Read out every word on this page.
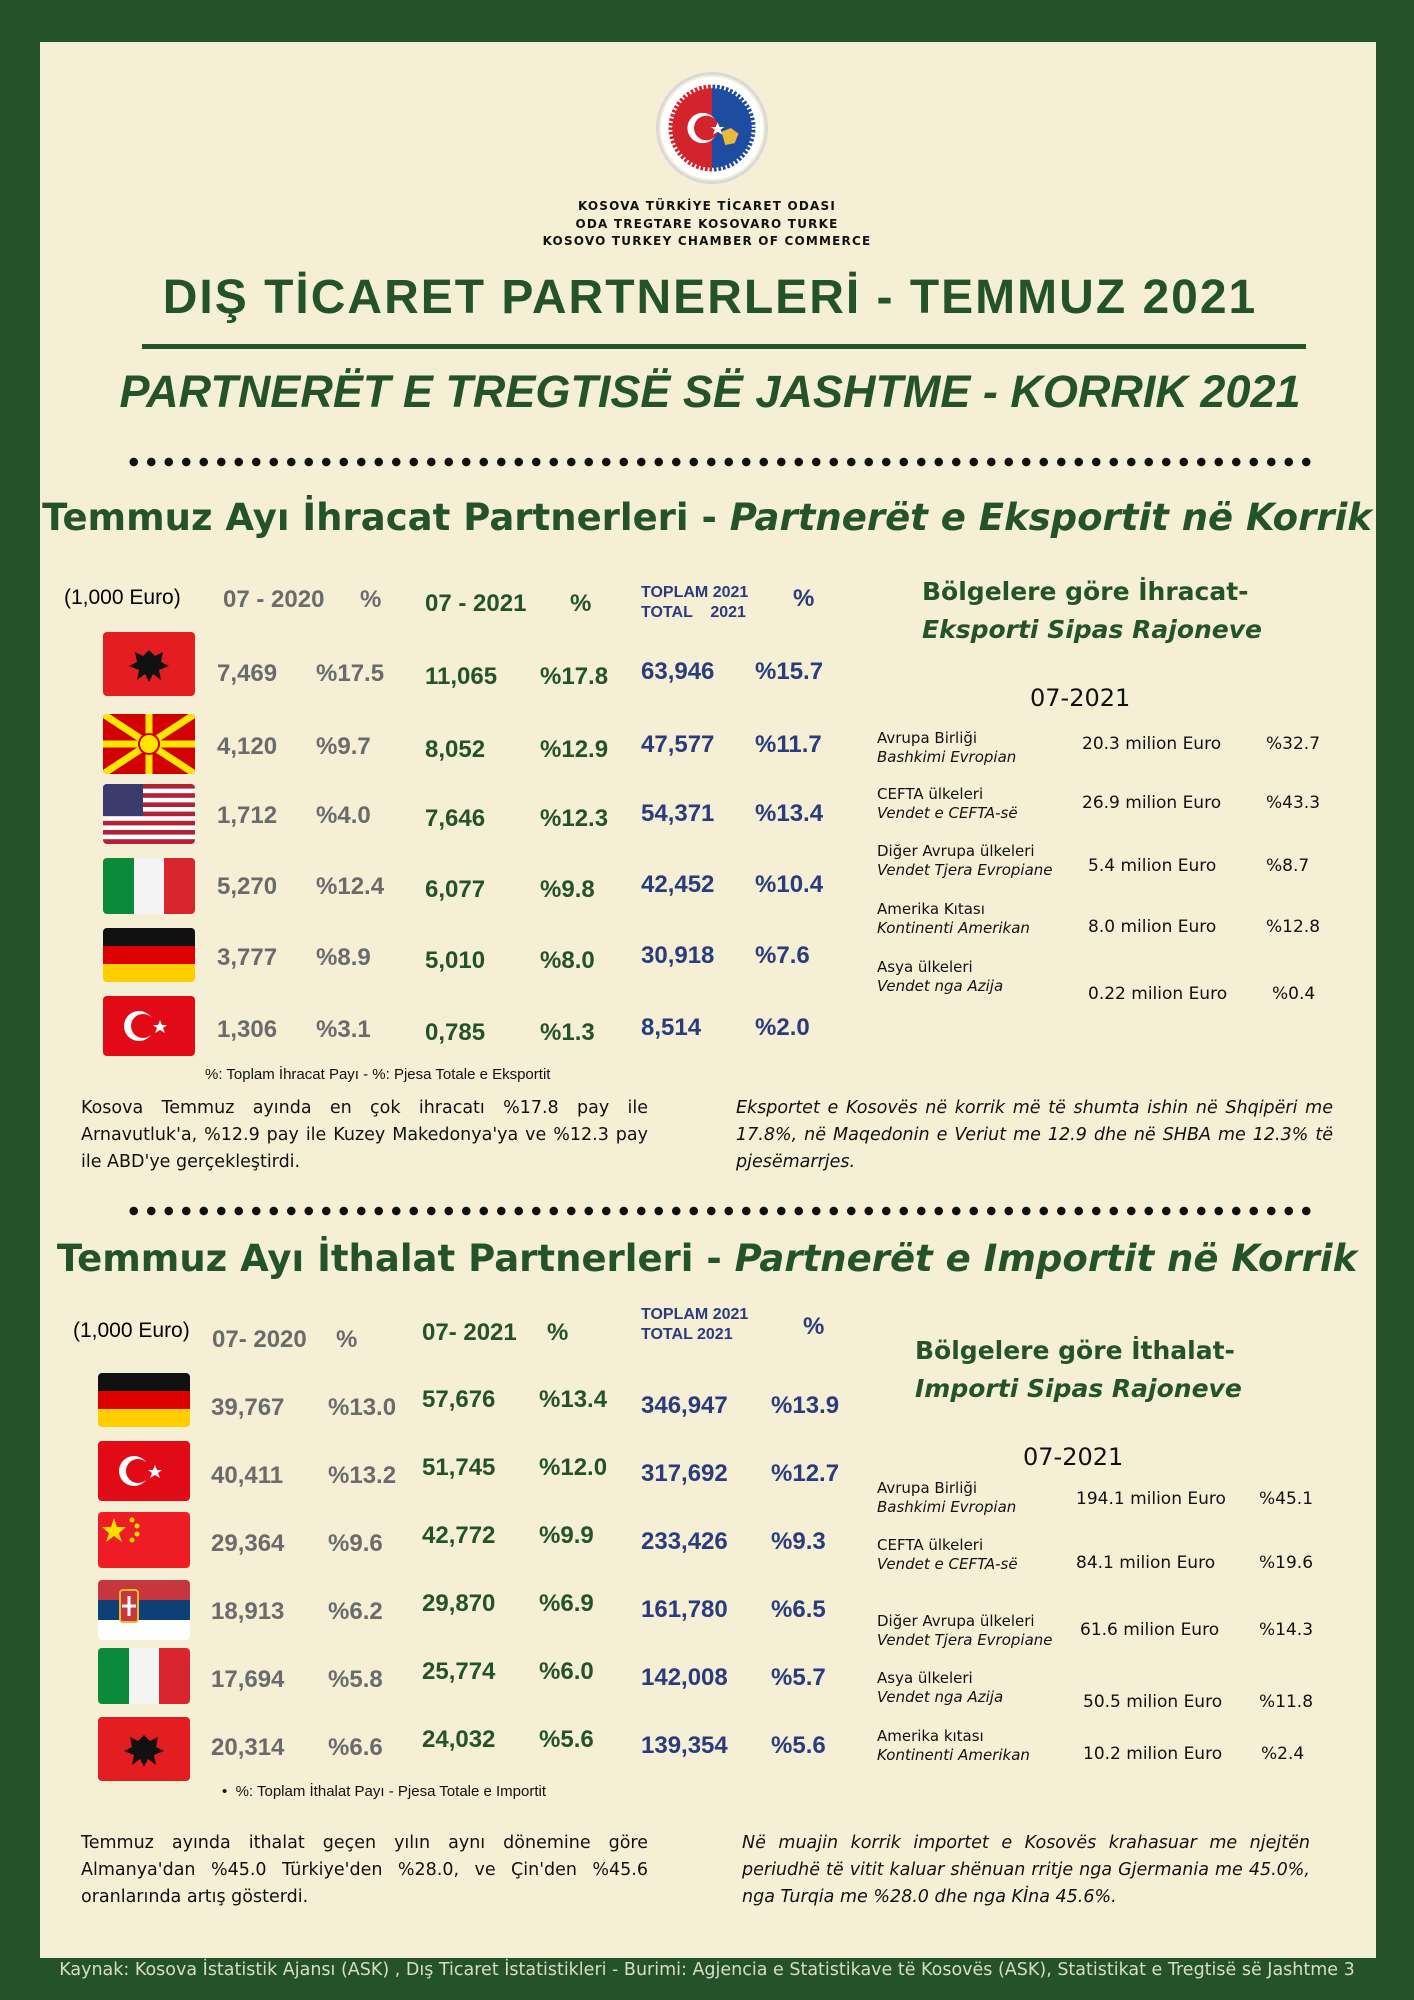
KOSOVA TÜRKİYE TİCARET ODASI
ODA TREGTARE KOSOVARO TURKE
KOSOVO TURKEY CHAMBER OF COMMERCE
DIŞ TİCARET PARTNERLERİ - TEMMUZ 2021
PARTNERËT E TREGTISË SË JASHTME - KORRIK 2021
Temmuz Ayı İhracat Partnerleri - Partnerët e Eksportit në Korrik
(1,000 Euro) 07 - 2020 % 07 - 2021 %	TOPLAM 2021
TOTAL    2021
%
7,469 %17.5 11,065 %17.8 63,946 %15.7
4,120 %9.7 8,052 %12.9 47,577 %11.7
1,712 %4.0 7,646 %12.3 54,371 %13.4
5,270 %12.4 6,077 %9.8 42,452 %10.4
3,777 %8.9 5,010 %8.0 30,918 %7.6
1,306 %3.1 0,785 %1.3 8,514 %2.0
%: Toplam İhracat Payı - %: Pjesa Totale e Eksportit
Bölgelere göre İhracat-
Eksporti Sipas Rajoneve
07-2021
Avrupa Birliği
Bashkimi Evropian
20.3 milion Euro	%32.7
CEFTA ülkeleri
Vendet e CEFTA-së	26.9 milion Euro	%43.3
Diğer Avrupa ülkeleri
Vendet Tjera Evropiane 5.4 milion Euro	%8.7
Amerika Kıtası
Kontinenti Amerikan	8.0 milion Euro	%12.8
Asya ülkeleri
Vendet nga Azija	0.22 milion Euro	%0.4
Kosova Temmuz ayında en çok ihracatı %17.8 pay ile Arnavutluk'a, %12.9 pay ile Kuzey Makedonya'ya ve %12.3 pay ile ABD'ye gerçekleştirdi.
Eksportet e Kosovës në korrik më të shumta ishin në Shqipëri me 17.8%, në Maqedonin e Veriut me 12.9 dhe në SHBA me 12.3% të pjesëmarrjes.
Temmuz Ayı İthalat Partnerleri - Partnerët e Importit në Korrik
(1,000 Euro) 07- 2020 %	07- 2021 %
TOPLAM 2021
TOTAL 2021	%
39,767 %13.0 57,676 %13.4 346,947 %13.9
40,411 %13.2 51,745 %12.0 317,692 %12.7
29,364 %9.6 42,772 %9.9 233,426 %9.3
18,913 %6.2 29,870 %6.9 161,780 %6.5
17,694 %5.8 25,774 %6.0 142,008 %5.7
20,314 %6.6 24,032 %5.6 139,354 %5.6
•  %: Toplam İthalat Payı - Pjesa Totale e Importit
Bölgelere göre İthalat-
Importi Sipas Rajoneve
07-2021
Avrupa Birliği
Bashkimi Evropian	194.1 milion Euro %45.1
CEFTA ülkeleri
Vendet e CEFTA-së	84.1 milion Euro	%19.6
Diğer Avrupa ülkeleri
Vendet Tjera Evropiane 61.6 milion Euro %14.3
Asya ülkeleri
Vendet nga Azija	50.5 milion Euro %11.8
Amerika kıtası
Kontinenti Amerikan	10.2 milion Euro %2.4
Temmuz ayında ithalat geçen yılın aynı dönemine göre Almanya'dan %45.0 Türkiye'den %28.0, ve Çin'den %45.6 oranlarında artış gösterdi.
Në muajin korrik importet e Kosovës krahasuar me njejtën periudhë të vitit kaluar shënuan rritje nga Gjermania me 45.0%, nga Turqia me %28.0 dhe nga Kİna 45.6%.
Kaynak: Kosova İstatistik Ajansı (ASK) , Dış Ticaret İstatistikleri - Burimi: Agjencia e Statistikave të Kosovës (ASK), Statistikat e Tregtisë së Jashtme 3
